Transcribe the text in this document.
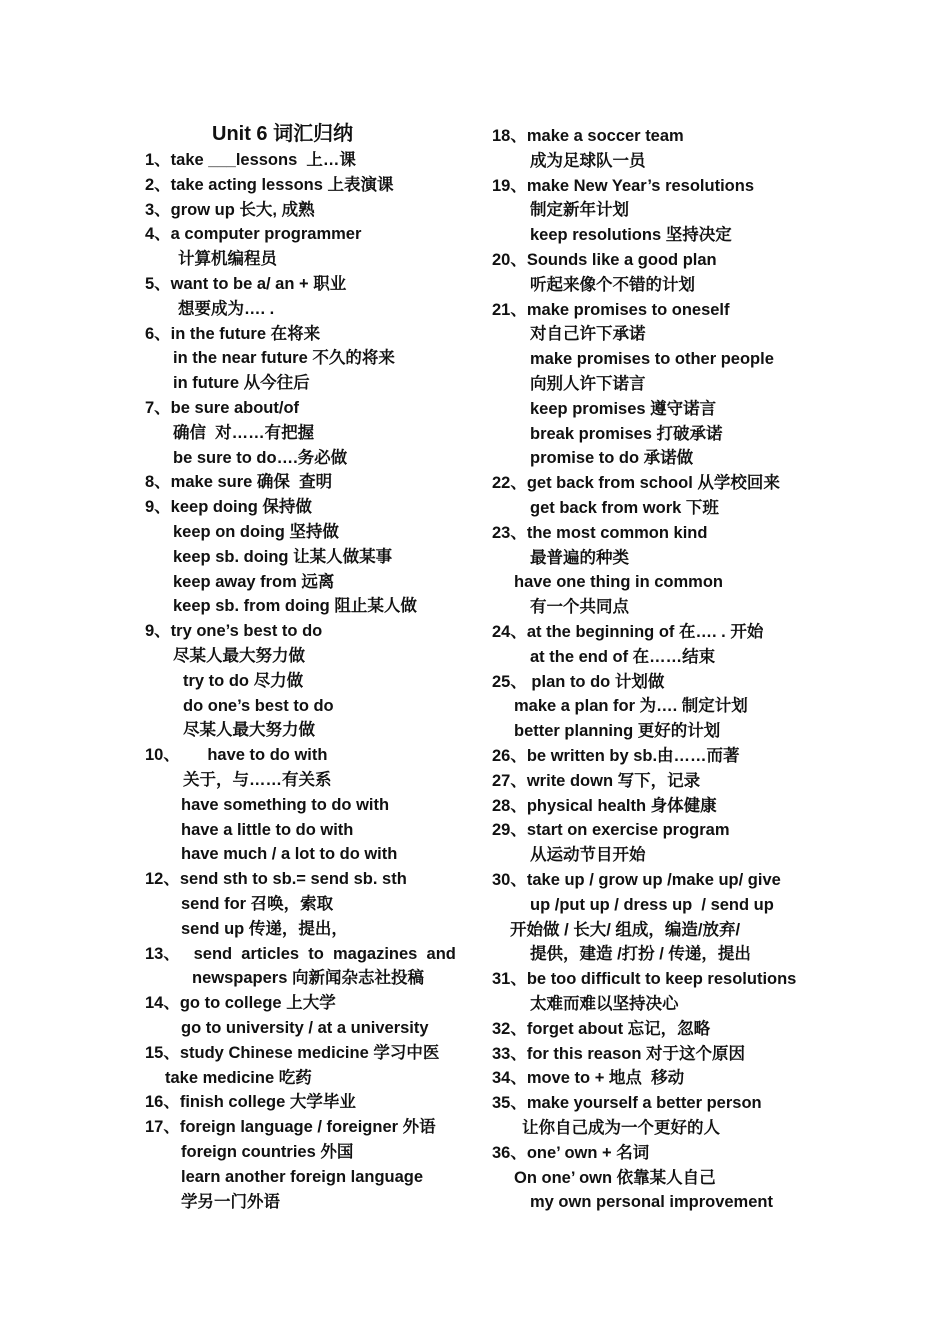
Unit 6 词汇归纳
1、take ___lessons  上…课
2、take acting lessons 上表演课
3、grow up 长大, 成熟
4、a computer programmer
计算机编程员
5、want to be a/ an + 职业
想要成为…. .
6、in the future 在将来
in the near future 不久的将来
in future 从今往后
7、be sure about/of
确信  对……有把握
be sure to do….务必做
8、make sure 确保  查明
9、keep doing 保持做
keep on doing 坚持做
keep sb. doing 让某人做某事
keep away from 远离
keep sb. from doing 阻止某人做
9、try one’s best to do
尽某人最大努力做
try to do 尽力做
do one’s best to do
尽某人最大努力做
10、      have to do with
关于，与……有关系
have something to do with
have a little to do with
have much / a lot to do with
12、send sth to sb.= send sb. sth
send for 召唤，索取
send up 传递，提出，
13、   send  articles  to  magazines  and
newspapers 向新闻杂志社投稿
14、go to college 上大学
go to university / at a university
15、study Chinese medicine 学习中医
take medicine 吃药
16、finish college 大学毕业
17、foreign language / foreigner 外语
foreign countries 外国
learn another foreign language
学另一门外语
18、make a soccer team
成为足球队一员
19、make New Year’s resolutions
制定新年计划
keep resolutions 坚持决定
20、Sounds like a good plan
听起来像个不错的计划
21、make promises to oneself
对自己许下承诺
make promises to other people
向别人许下诺言
keep promises 遵守诺言
break promises 打破承诺
promise to do 承诺做
22、get back from school 从学校回来
get back from work 下班
23、the most common kind
最普遍的种类
have one thing in common
有一个共同点
24、at the beginning of 在…. . 开始
at the end of 在……结束
25、 plan to do 计划做
make a plan for 为…. 制定计划
better planning 更好的计划
26、be written by sb.由……而著
27、write down 写下，记录
28、physical health 身体健康
29、start on exercise program
从运动节目开始
30、take up / grow up /make up/ give
up /put up / dress up  / send up
开始做 / 长大/ 组成，编造/放弃/
提供，建造 /打扮 / 传递，提出
31、be too difficult to keep resolutions
太难而难以坚持决心
32、forget about 忘记，忽略
33、for this reason 对于这个原因
34、move to + 地点  移动
35、make yourself a better person
让你自己成为一个更好的人
36、one’ own + 名词
On one’ own 依靠某人自己
my own personal improvement
